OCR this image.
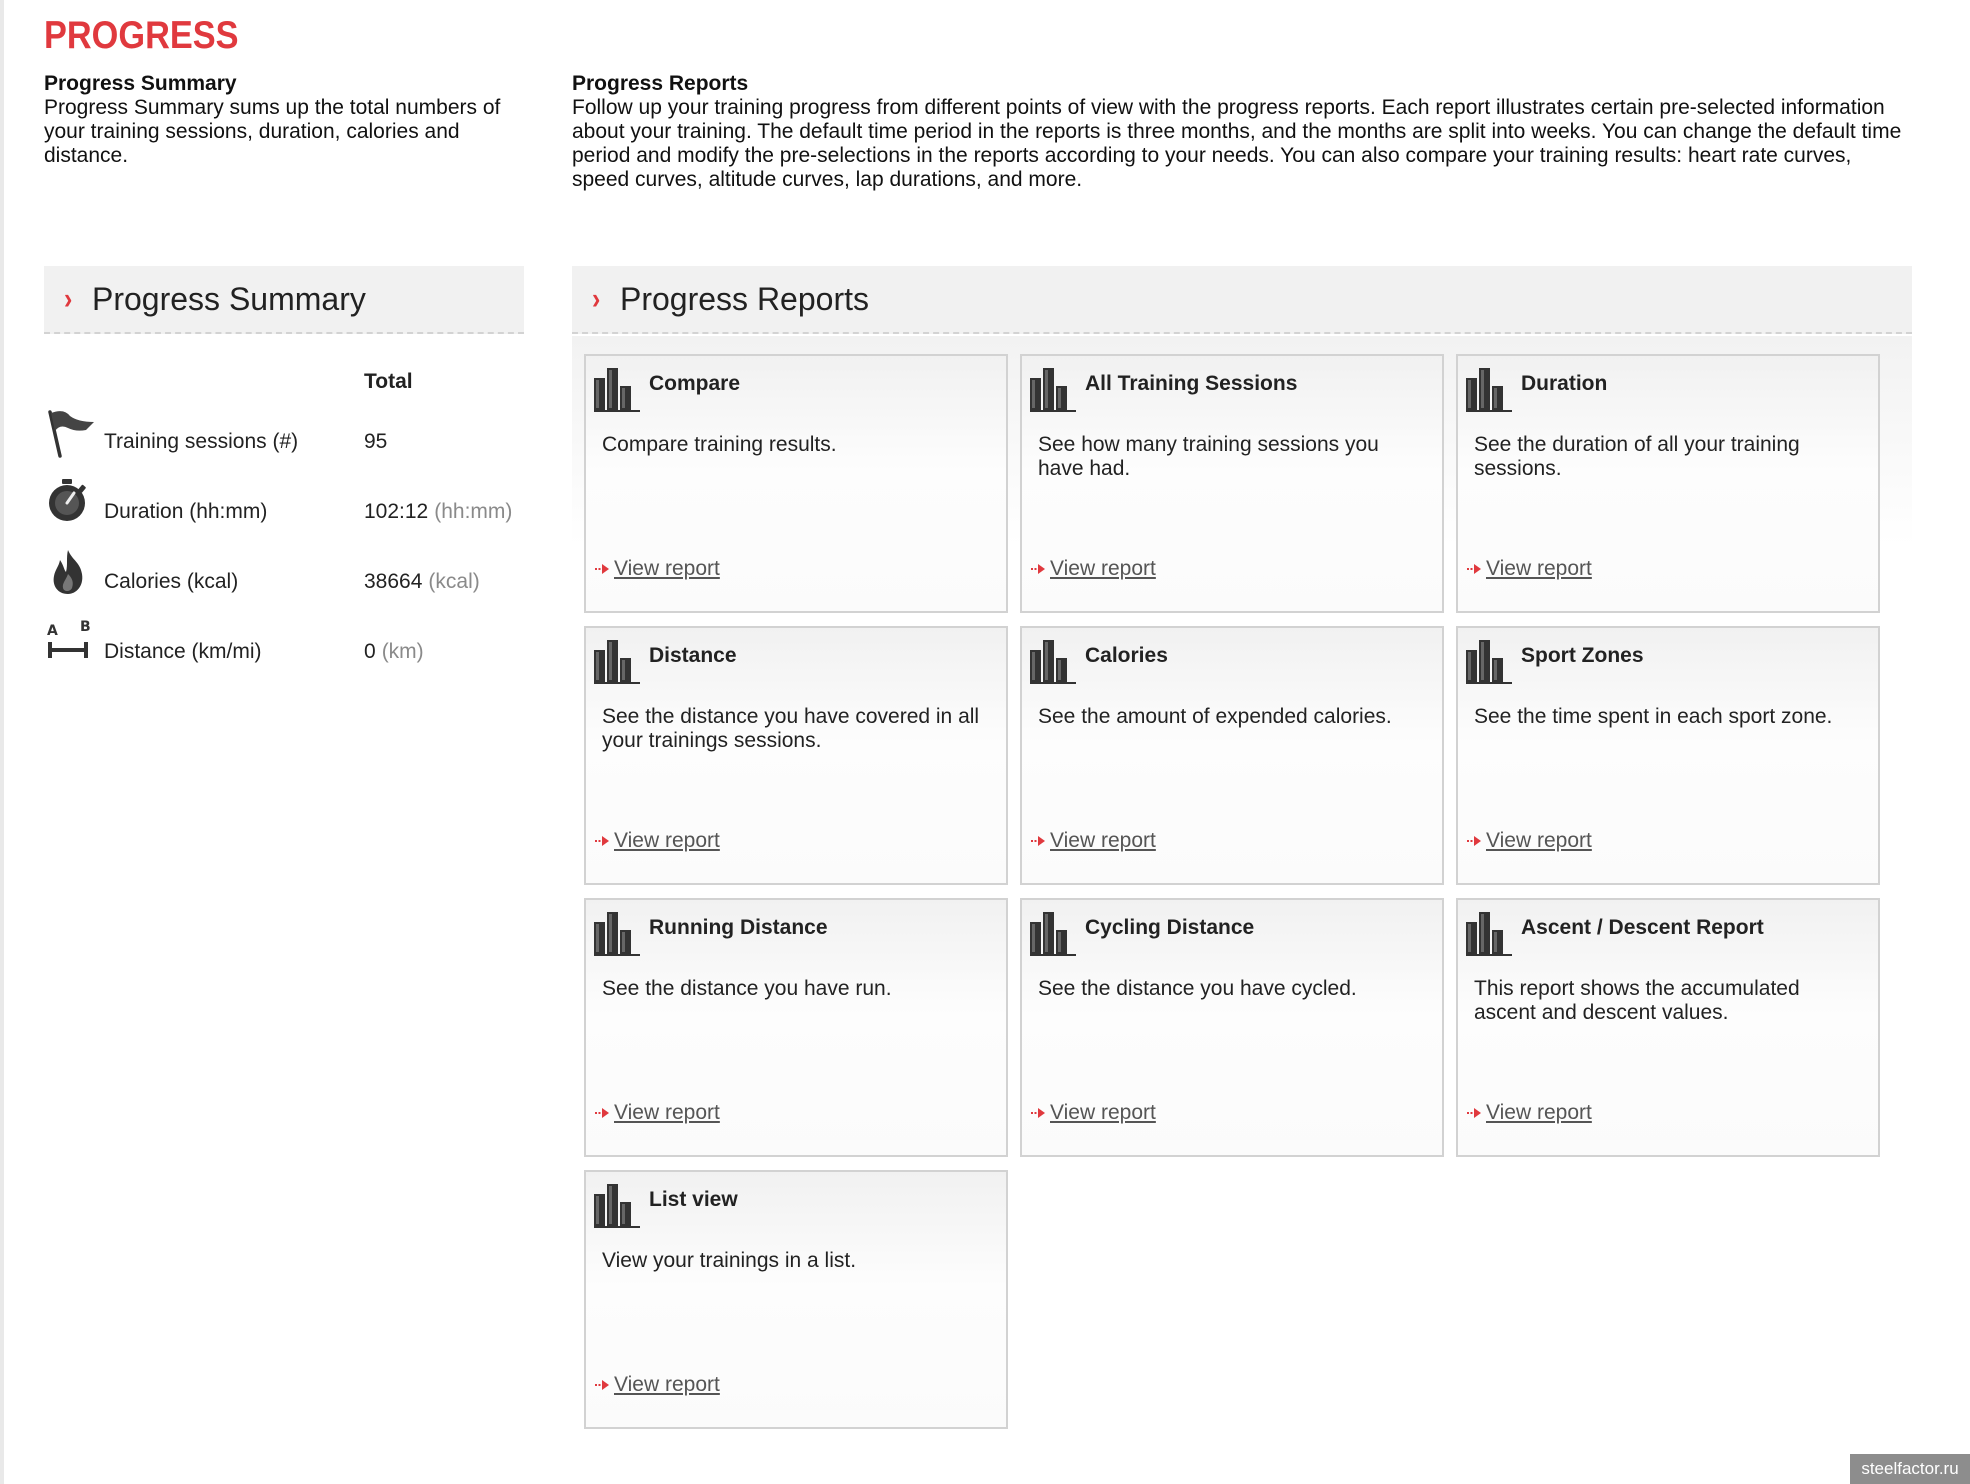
PROGRESS
Progress Summary
Progress Summary sums up the total numbers of your training sessions, duration, calories and distance.
Progress Reports
Follow up your training progress from different points of view with the progress reports. Each report illustrates certain pre-selected information about your training. The default time period in the reports is three months, and the months are split into weeks. You can change the default time period and modify the pre-selections in the reports according to your needs. You can also compare your training results: heart rate curves, speed curves, altitude curves, lap durations, and more.
› Progress Summary	› Progress Reports
Total
Training sessions (#)	95
Duration (hh:mm)	102:12 (hh:mm)
Calories (kcal)	38664 (kcal)
A B
Distance (km/mi)	0 (km)
Compare
Compare training results.
View report
All Training Sessions
See how many training sessions you have had.
View report
Duration
See the duration of all your training sessions.
View report
Distance
See the distance you have covered in all your trainings sessions.
View report
Calories
See the amount of expended calories.
View report
Sport Zones
See the time spent in each sport zone.
View report
Running Distance
See the distance you have run.
View report
Cycling Distance
See the distance you have cycled.
View report
Ascent / Descent Report
This report shows the accumulated ascent and descent values.
View report
List view
View your trainings in a list.
View report
steelfactor.ru
